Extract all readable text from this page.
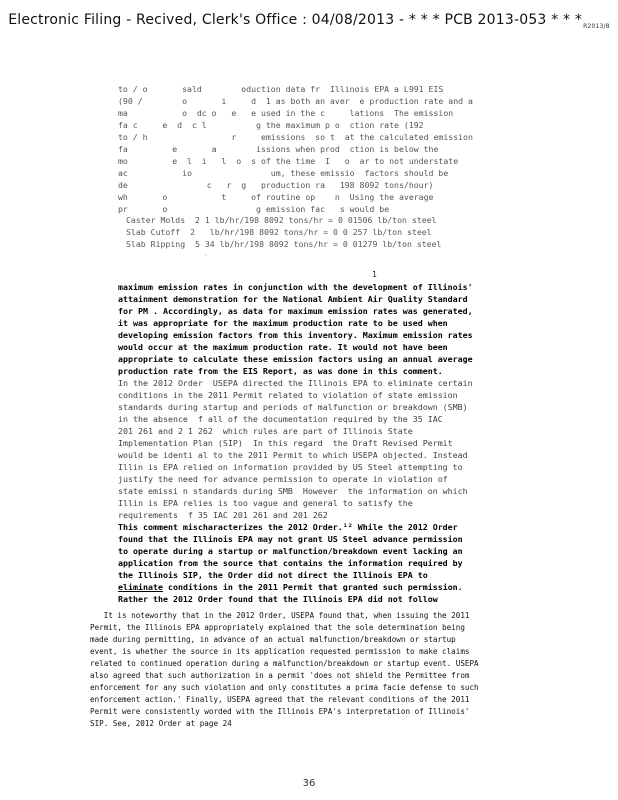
Electronic Filing - Recived, Clerk's Office : 04/08/2013 - * * * PCB 2013-053 * * $*_{R2013/8}$
to / o       sald        oduction data fr  Illinois EPA a L991 EIS
(90 /        o       i     d  1 as both an aver  e production rate and a
ma           o  dc o   e   e used in the c     lations  The emission
fa c     e  d  c l          g the maximum p o  ction rate (192
to / h                 r     emissions  so t  at the calculated emission
fa         e       a        issions when prod  ction is below the
mo         e  l  i   l  o  s of the time  I   o  ar to not understate
ac           io                um, these emissio  factors should be
de                c   r  g   production ra   198 8092 tons/hour)
wh       o           t     of routine op    n  Using the average
pr       o                  g emission fac   s would be
Caster Molds  2 1 lb/hr/198 8092 tons/hr = 0 01506 lb/ton steel
Slab Cutoff  2   lb/hr/198 8092 tons/hr = 0 0 257 lb/ton steel
Slab Ripping  5 34 lb/hr/198 8092 tons/hr = 0 01279 lb/ton steel
·
1
maximum emission rates in conjunction with the development of Illinois'
attainment demonstration for the National Ambient Air Quality Standard
for PM . Accordingly, as data for maximum emission rates was generated,
it was appropriate for the maximum production rate to be used when
developing emission factors from this inventory. Maximum emission rates
would occur at the maximum production rate. It would not have been
appropriate to calculate these emission factors using an annual average
production rate from the EIS Report, as was done in this comment.
In the 2012 Order  USEPA directed the Illinois EPA to eliminate certain
conditions in the 2011 Permit related to violation of state emission
standards during startup and periods of malfunction or breakdown (SMB)
in the absence  f all of the documentation required by the 35 IAC
201 261 and 2 1 262  which rules are part of Illinois State
Implementation Plan (SIP)  In this regard  the Draft Revised Permit
would be identi al to the 2011 Permit to which USEPA objected. Instead
Illin is EPA relied on information provided by US Steel attempting to
justify the need for advance permission to operate in violation of
state emissi n standards during SMB  However  the information on which
Illin is EPA relies is too vague and general to satisfy the
requirements  f 35 IAC 201 261 and 201 262
This comment mischaracterizes the 2012 Order.¹² While the 2012 Order
found that the Illinois EPA may not grant US Steel advance permission
to operate during a startup or malfunction/breakdown event lacking an
application from the source that contains the information required by
the Illinois SIP, the Order did not direct the Illinois EPA to
eliminate conditions in the 2011 Permit that granted such permission.
Rather the 2012 Order found that the Illinois EPA did not follow
It is noteworthy that in the 2012 Order, USEPA found that, when issuing the 2011
Permit, the Illinois EPA appropriately explained that the sole determination being
made during permitting, in advance of an actual malfunction/breakdown or startup
event, is whether the source in its application requested permission to make claims
related to continued operation during a malfunction/breakdown or startup event. USEPA
also agreed that such authorization in a permit 'does not shield the Permittee from
enforcement for any such violation and only constitutes a prima facie defense to such
enforcement action.' Finally, USEPA agreed that the relevant conditions of the 2011
Permit were consistently worded with the Illinois EPA's interpretation of Illinois'
SIP. See, 2012 Order at page 24
36
